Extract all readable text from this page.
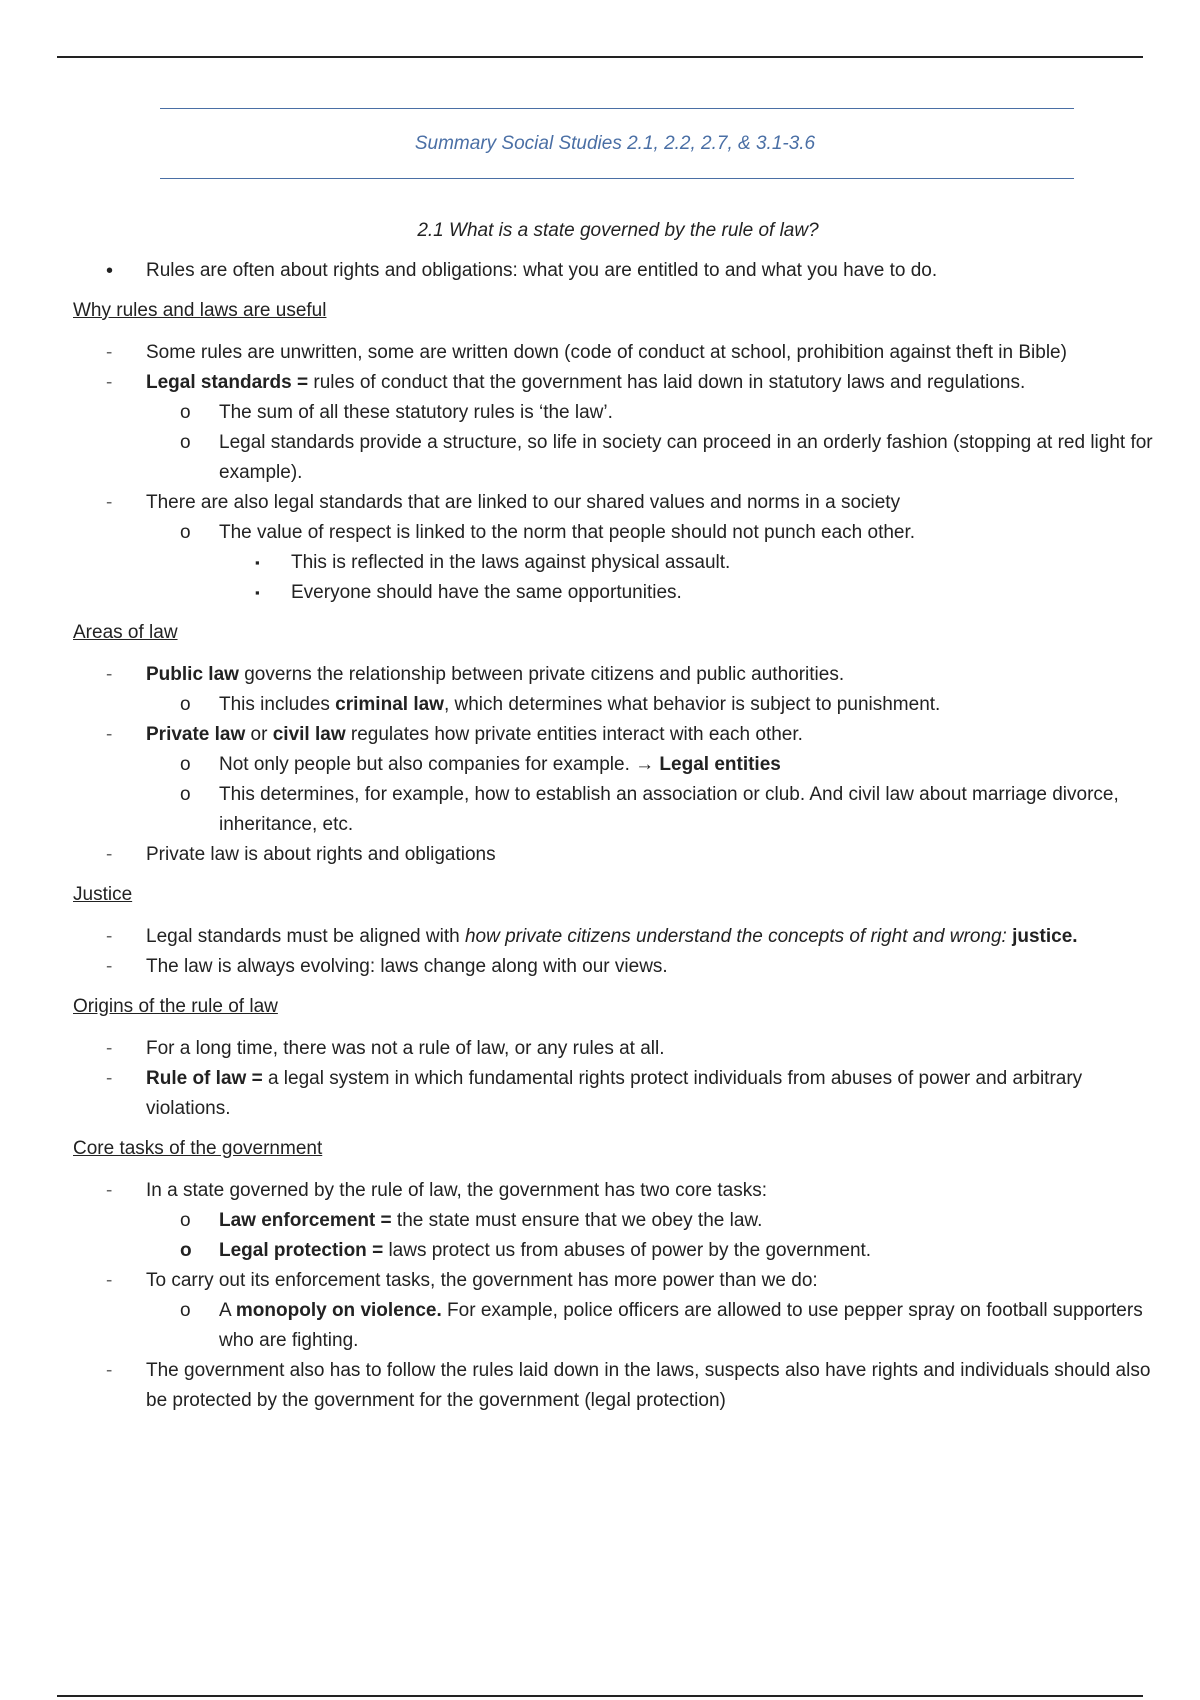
Summary Social Studies 2.1, 2.2, 2.7, & 3.1-3.6
2.1 What is a state governed by the rule of law?
•	Rules are often about rights and obligations: what you are entitled to and what you have to do.
Why rules and laws are useful
-	Some rules are unwritten, some are written down (code of conduct at school, prohibition against theft in Bible)
-	Legal standards = rules of conduct that the government has laid down in statutory laws and regulations.
o	The sum of all these statutory rules is ‘the law’.
o	Legal standards provide a structure, so life in society can proceed in an orderly fashion (stopping at red light for example).
-	There are also legal standards that are linked to our shared values and norms in a society
o	The value of respect is linked to the norm that people should not punch each other.
▪	This is reflected in the laws against physical assault.
▪	Everyone should have the same opportunities.
Areas of law
-	Public law governs the relationship between private citizens and public authorities.
o	This includes criminal law, which determines what behavior is subject to punishment.
-	Private law or civil law regulates how private entities interact with each other.
o	Not only people but also companies for example. → Legal entities
o	This determines, for example, how to establish an association or club. And civil law about marriage divorce, inheritance, etc.
-	Private law is about rights and obligations
Justice
-	Legal standards must be aligned with how private citizens understand the concepts of right and wrong: justice.
-	The law is always evolving: laws change along with our views.
Origins of the rule of law
-	For a long time, there was not a rule of law, or any rules at all.
-	Rule of law = a legal system in which fundamental rights protect individuals from abuses of power and arbitrary violations.
Core tasks of the government
-	In a state governed by the rule of law, the government has two core tasks:
o	Law enforcement = the state must ensure that we obey the law.
o	Legal protection = laws protect us from abuses of power by the government.
-	To carry out its enforcement tasks, the government has more power than we do:
o	A monopoly on violence. For example, police officers are allowed to use pepper spray on football supporters who are fighting.
-	The government also has to follow the rules laid down in the laws, suspects also have rights and individuals should also be protected by the government for the government (legal protection)
